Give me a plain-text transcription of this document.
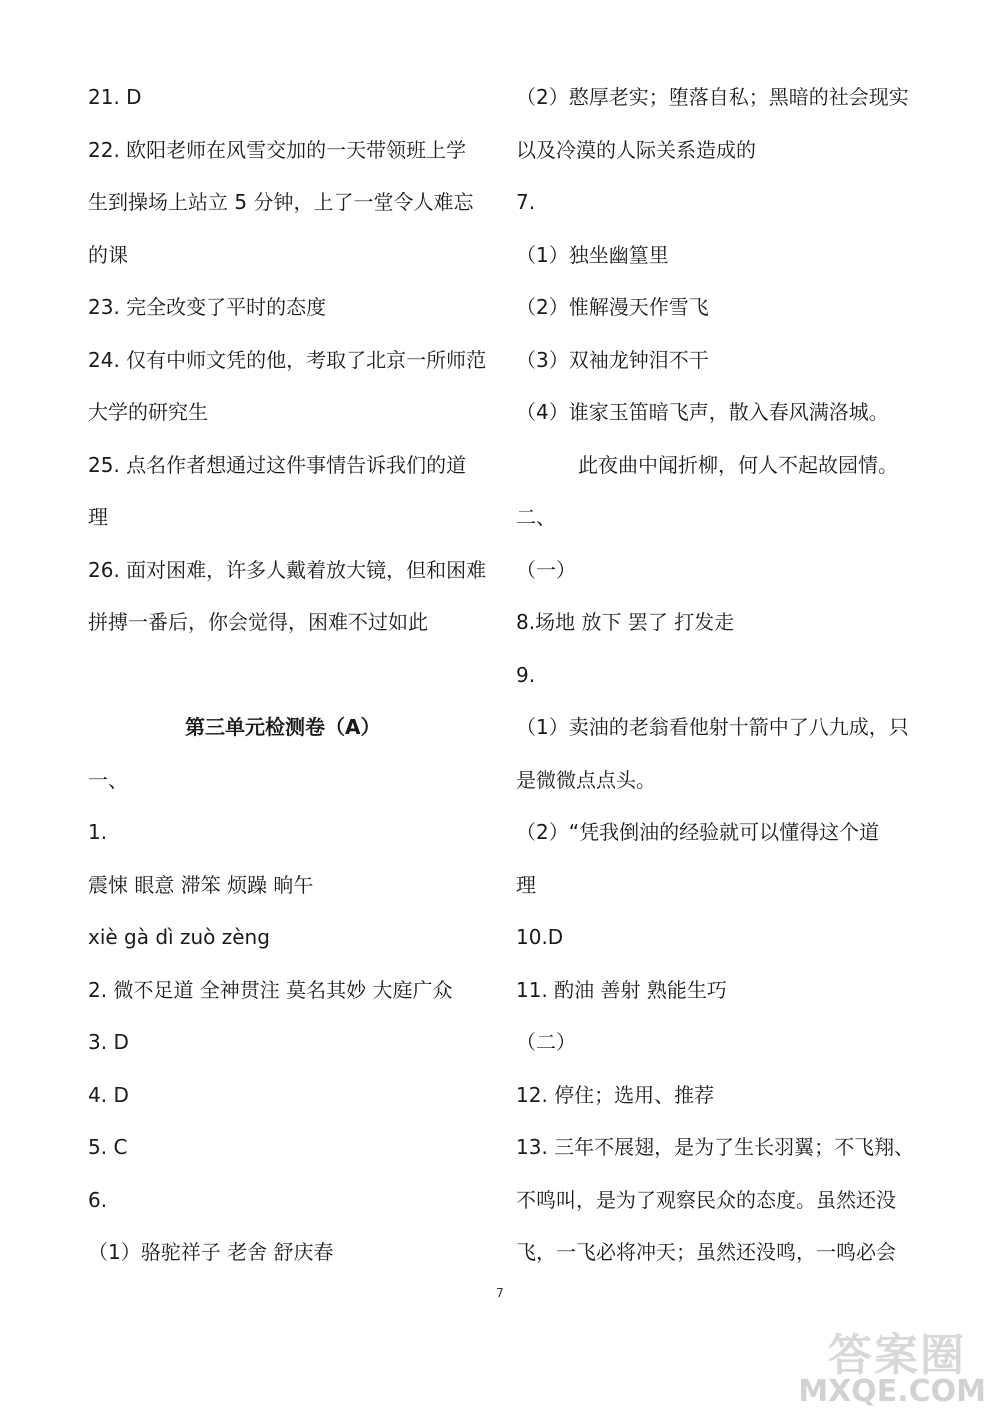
21. D
22. 欧阳老师在风雪交加的一天带领班上学
生到操场上站立 5 分钟，上了一堂令人难忘
的课
23. 完全改变了平时的态度
24. 仅有中师文凭的他，考取了北京一所师范
大学的研究生
25. 点名作者想通过这件事情告诉我们的道
理
26. 面对困难，许多人戴着放大镜，但和困难
拼搏一番后，你会觉得，困难不过如此
第三单元检测卷（A）
一、
1.
震悚 眼意 滞笨 烦躁 晌午
xiè gà dì zuò zèng
2. 微不足道 全神贯注 莫名其妙 大庭广众
3. D
4. D
5. C
6.
（1）骆驼祥子 老舍 舒庆春
（2）憨厚老实；堕落自私；黑暗的社会现实
以及冷漠的人际关系造成的
7.
（1）独坐幽篁里
（2）惟解漫天作雪飞
（3）双袖龙钟泪不干
（4）谁家玉笛暗飞声，散入春风满洛城。
此夜曲中闻折柳，何人不起故园情。
二、
（一）
8.场地 放下 罢了 打发走
9.
（1）卖油的老翁看他射十箭中了八九成，只
是微微点点头。
（2）“凭我倒油的经验就可以懂得这个道
理
10.D
11. 酌油 善射 熟能生巧
（二）
12. 停住；选用、推荐
13. 三年不展翅，是为了生长羽翼；不飞翔、
不鸣叫，是为了观察民众的态度。虽然还没
飞，一飞必将冲天；虽然还没鸣，一鸣必会
7
答案圈
MXQE.COM
